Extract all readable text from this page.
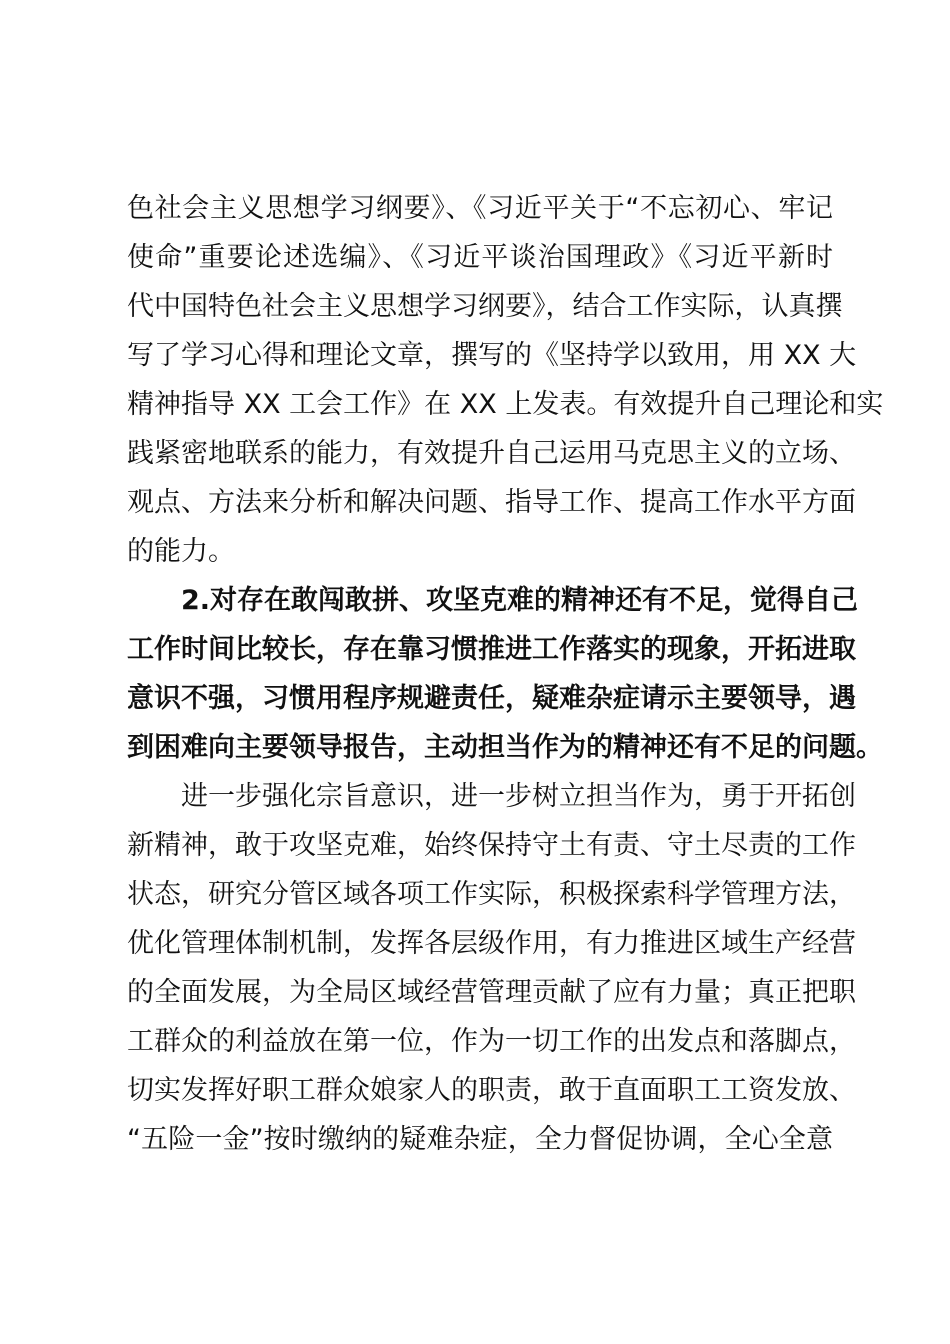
色社会主义思想学习纲要》、《习近平关于“不忘初心、牢记
使命”重要论述选编》、《习近平谈治国理政》《习近平新时
代中国特色社会主义思想学习纲要》，结合工作实际，认真撰
写了学习心得和理论文章，撰写的《坚持学以致用，用 XX 大
精神指导 XX 工会工作》在 XX 上发表。有效提升自己理论和实
践紧密地联系的能力，有效提升自己运用马克思主义的立场、
观点、方法来分析和解决问题、指导工作、提高工作水平方面
的能力。
2.对存在敢闯敢拼、攻坚克难的精神还有不足，觉得自己
工作时间比较长，存在靠习惯推进工作落实的现象，开拓进取
意识不强，习惯用程序规避责任，疑难杂症请示主要领导，遇
到困难向主要领导报告，主动担当作为的精神还有不足的问题。
进一步强化宗旨意识，进一步树立担当作为，勇于开拓创
新精神，敢于攻坚克难，始终保持守土有责、守土尽责的工作
状态，研究分管区域各项工作实际，积极探索科学管理方法，
优化管理体制机制，发挥各层级作用，有力推进区域生产经营
的全面发展，为全局区域经营管理贡献了应有力量；真正把职
工群众的利益放在第一位，作为一切工作的出发点和落脚点，
切实发挥好职工群众娘家人的职责，敢于直面职工工资发放、
“五险一金”按时缴纳的疑难杂症，全力督促协调，全心全意
